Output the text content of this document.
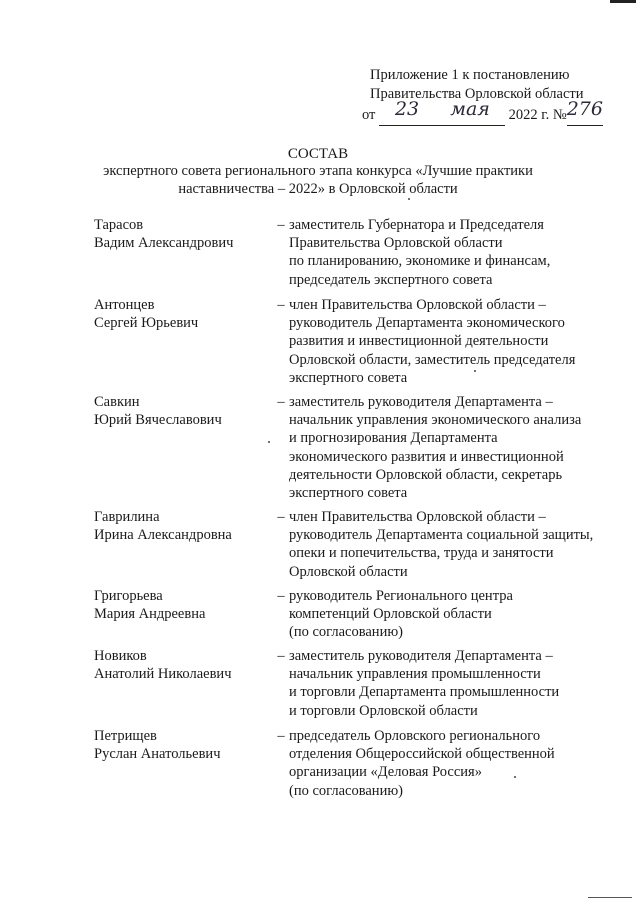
Приложение 1 к постановлению
Правительства Орловской области
от 23 мая 2022 г. №276
СОСТАВ
экспертного совета регионального этапа конкурса «Лучшие практики
наставничества – 2022» в Орловской области
Тарасов
Вадим Александрович
– заместитель Губернатора и Председателя
Правительства Орловской области
по планированию, экономике и финансам,
председатель экспертного совета
Антонцев
Сергей Юрьевич
– член Правительства Орловской области –
руководитель Департамента экономического
развития и инвестиционной деятельности
Орловской области, заместитель председателя
экспертного совета
Савкин
Юрий Вячеславович
– заместитель руководителя Департамента –
начальник управления экономического анализа
и прогнозирования Департамента
экономического развития и инвестиционной
деятельности Орловской области, секретарь
экспертного совета
Гаврилина
Ирина Александровна
– член Правительства Орловской области –
руководитель Департамента социальной защиты,
опеки и попечительства, труда и занятости
Орловской области
Григорьева
Мария Андреевна
– руководитель Регионального центра
компетенций Орловской области
(по согласованию)
Новиков
Анатолий Николаевич
– заместитель руководителя Департамента –
начальник управления промышленности
и торговли Департамента промышленности
и торговли Орловской области
Петрищев
Руслан Анатольевич
– председатель Орловского регионального
отделения Общероссийской общественной
организации «Деловая Россия»
(по согласованию)
